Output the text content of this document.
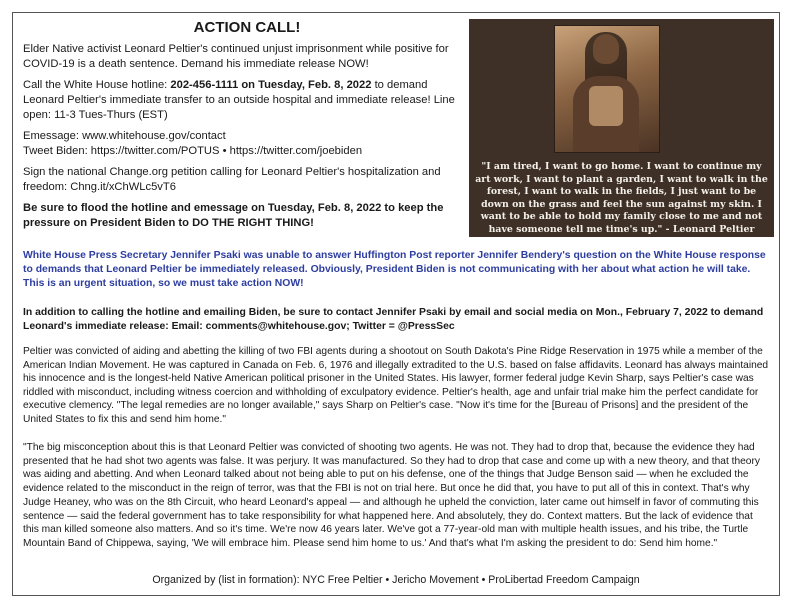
ACTION CALL!

Elder Native activist Leonard Peltier's continued unjust imprisonment while positive for COVID-19 is a death sentence. Demand his immediate release NOW!

Call the White House hotline: 202-456-1111 on Tuesday, Feb. 8, 2022 to demand Leonard Peltier's immediate transfer to an outside hospital and immediate release! Line open: 11-3 Tues-Thurs (EST)

Emessage: www.whitehouse.gov/contact
Tweet Biden: https://twitter.com/POTUS • https://twitter.com/joebiden

Sign the national Change.org petition calling for Leonard Peltier's hospitalization and freedom: Chng.it/xChWLc5vT6

Be sure to flood the hotline and emessage on Tuesday, Feb. 8, 2022 to keep the pressure on President Biden to DO THE RIGHT THING!

"I am tired, I want to go home. I want to continue my art work, I want to plant a garden, I want to walk in the forest, I want to walk in the fields, I just want to be down on the grass and feel the sun against my skin. I want to be able to hold my family close to me and not have someone tell me time's up." - Leonard Peltier
White House Press Secretary Jennifer Psaki was unable to answer Huffington Post reporter Jennifer Bendery's question on the White House response to demands that Leonard Peltier be immediately released. Obviously, President Biden is not communicating with her about what action he will take. This is an urgent situation, so we must take action NOW!
In addition to calling the hotline and emailing Biden, be sure to contact Jennifer Psaki by email and social media on Mon., February 7, 2022 to demand Leonard's immediate release: Email: comments@whitehouse.gov; Twitter = @PressSec
Peltier was convicted of aiding and abetting the killing of two FBI agents during a shootout on South Dakota's Pine Ridge Reservation in 1975 while a member of the American Indian Movement. He was captured in Canada on Feb. 6, 1976 and illegally extradited to the U.S. based on false affidavits. Leonard has always maintained his innocence and is the longest-held Native American political prisoner in the United States. His lawyer, former federal judge Kevin Sharp, says Peltier's case was riddled with misconduct, including witness coercion and withholding of exculpatory evidence. Peltier's health, age and unfair trial make him the perfect candidate for executive clemency. "The legal remedies are no longer available," says Sharp on Peltier's case. "Now it's time for the [Bureau of Prisons] and the president of the United States to fix this and send him home."
"The big misconception about this is that Leonard Peltier was convicted of shooting two agents. He was not. They had to drop that, because the evidence they had presented that he had shot two agents was false. It was perjury. It was manufactured. So they had to drop that case and come up with a new theory, and that theory was aiding and abetting. And when Leonard talked about not being able to put on his defense, one of the things that Judge Benson said — when he excluded the evidence related to the misconduct in the reign of terror, was that the FBI is not on trial here. But once he did that, you have to put all of this in context. That's why Judge Heaney, who was on the 8th Circuit, who heard Leonard's appeal — and although he upheld the conviction, later came out himself in favor of commuting this sentence — said the federal government has to take responsibility for what happened here. And absolutely, they do. Context matters. But the lack of evidence that this man killed someone also matters. And so it's time. We're now 46 years later. We've got a 77-year-old man with multiple health issues, and his tribe, the Turtle Mountain Band of Chippewa, saying, 'We will embrace him. Please send him home to us.' And that's what I'm asking the president to do: Send him home."
Organized by (list in formation): NYC Free Peltier • Jericho Movement • ProLibertad Freedom Campaign
